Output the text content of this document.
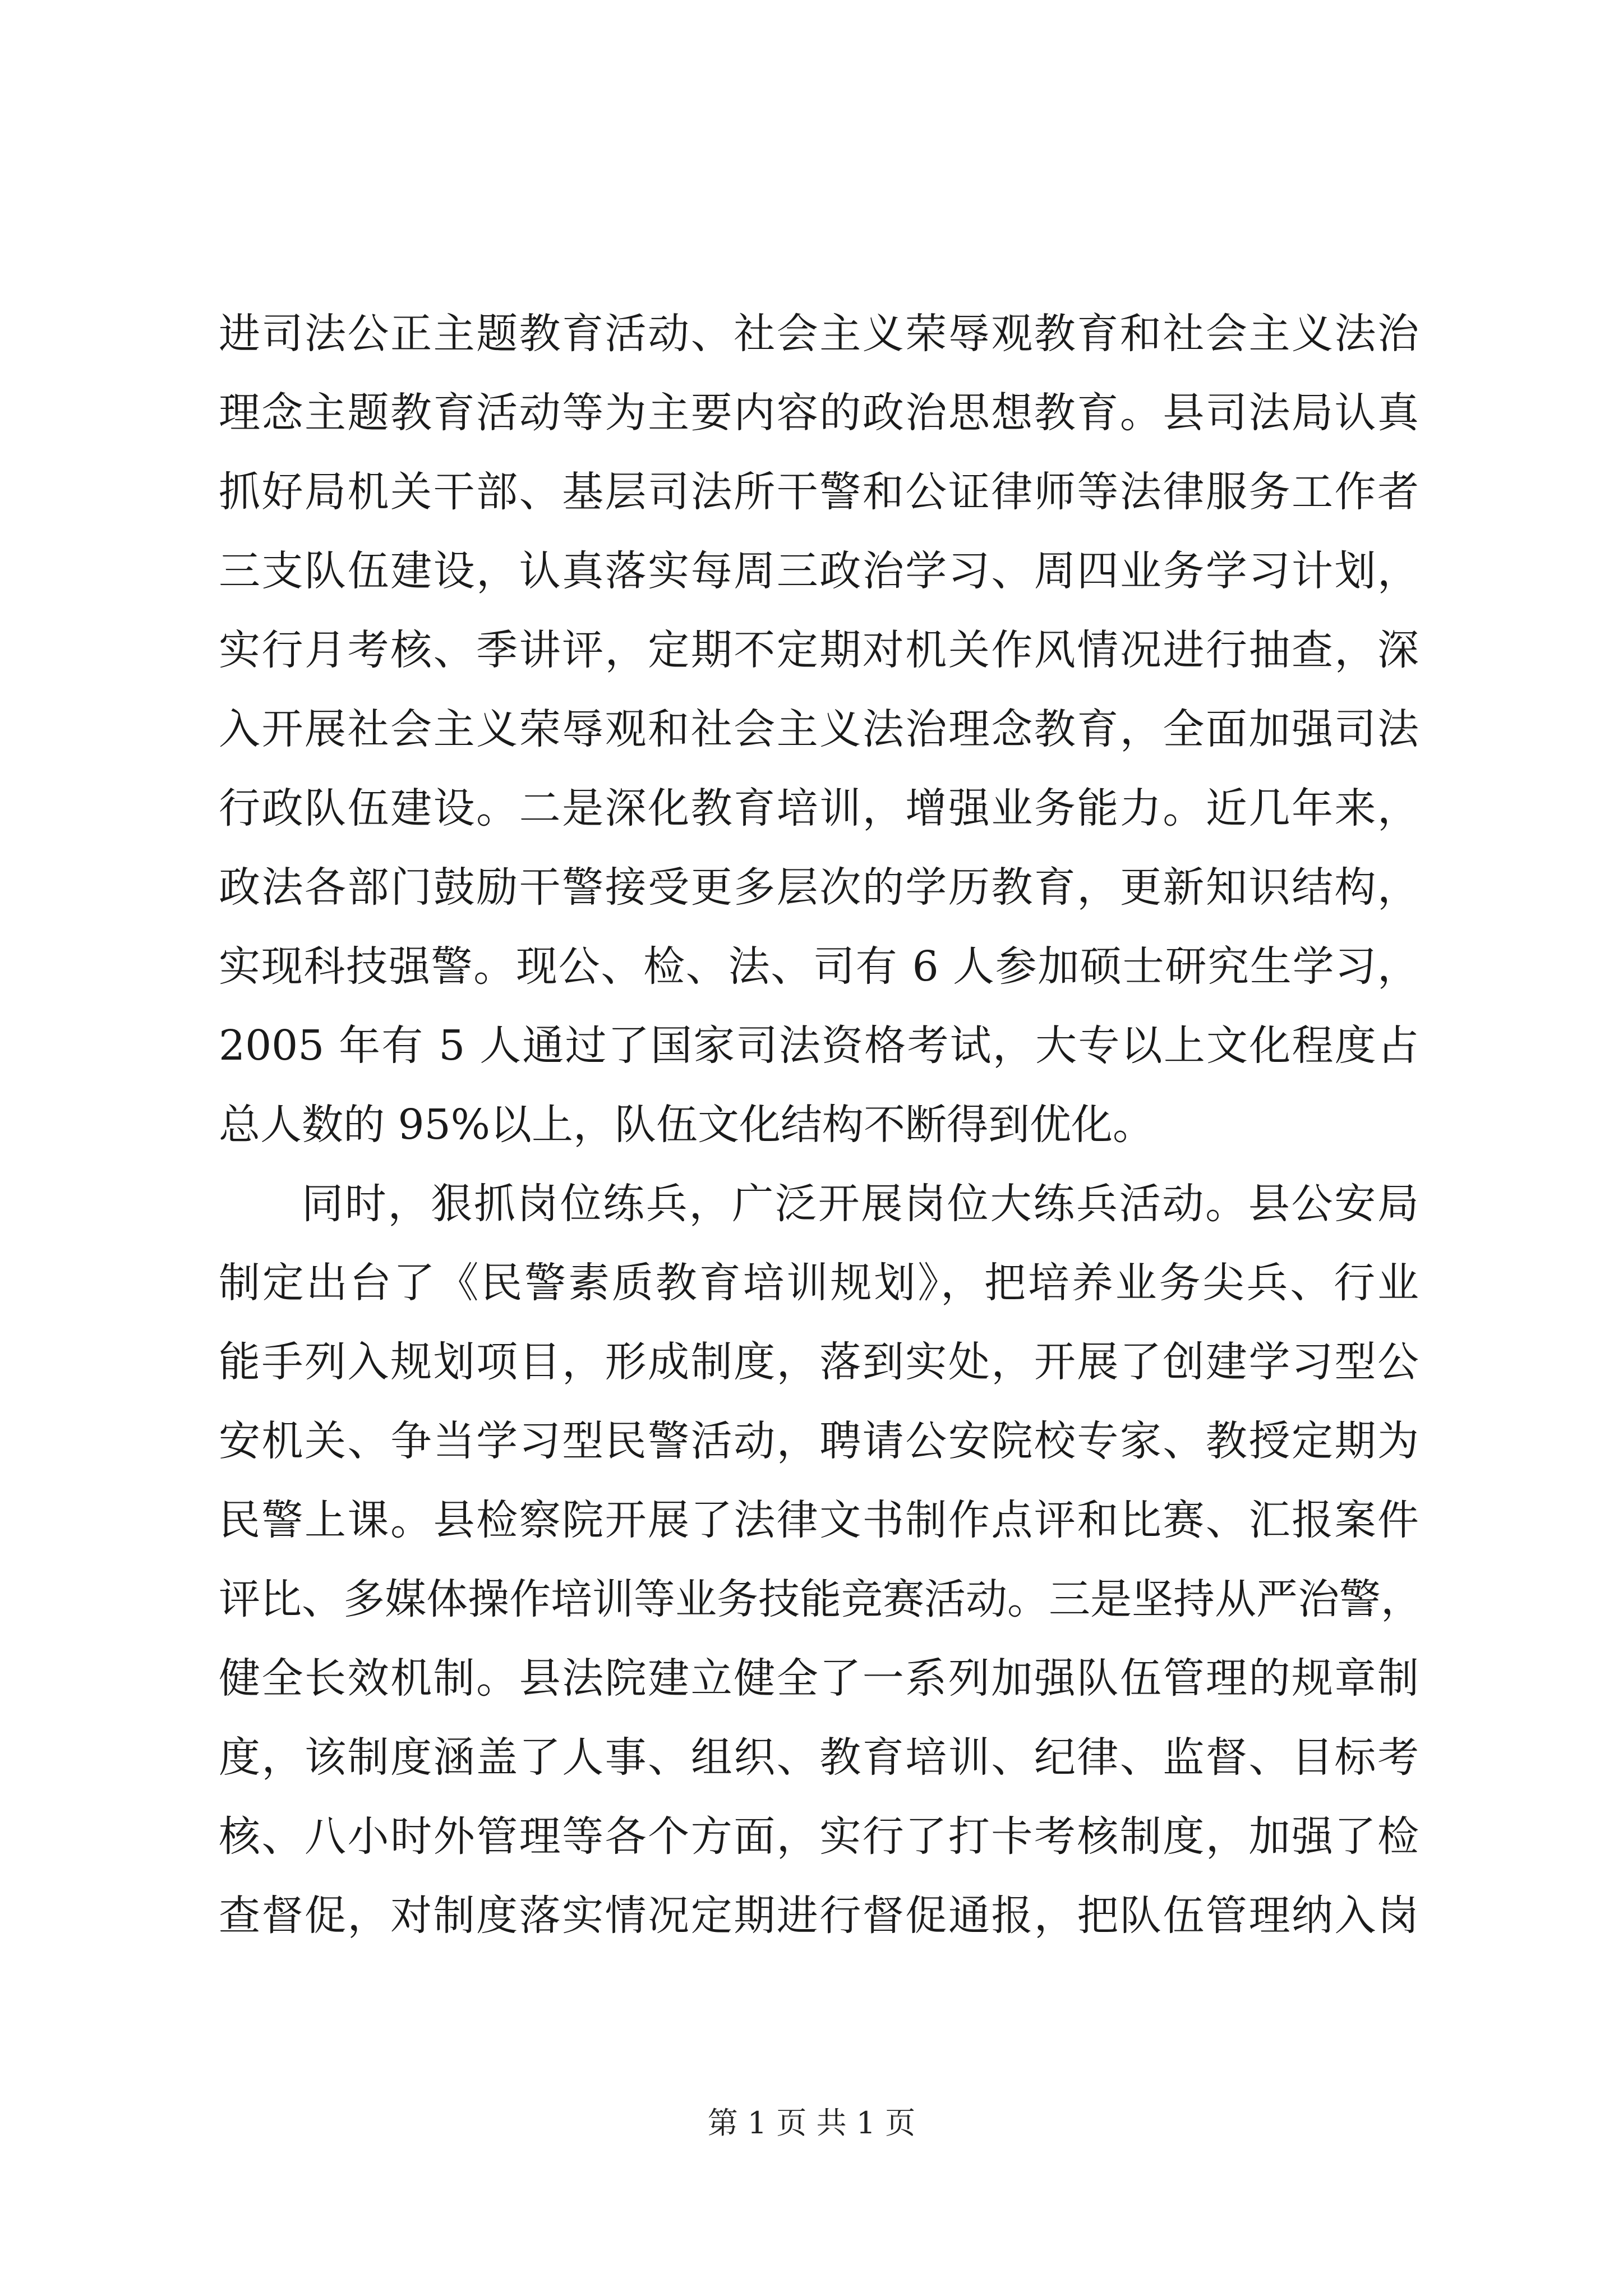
进司法公正主题教育活动、社会主义荣辱观教育和社会主义法治
理念主题教育活动等为主要内容的政治思想教育。县司法局认真
抓好局机关干部、基层司法所干警和公证律师等法律服务工作者
三支队伍建设，认真落实每周三政治学习、周四业务学习计划，
实行月考核、季讲评，定期不定期对机关作风情况进行抽查，深
入开展社会主义荣辱观和社会主义法治理念教育，全面加强司法
行政队伍建设。二是深化教育培训，增强业务能力。近几年来，
政法各部门鼓励干警接受更多层次的学历教育，更新知识结构，
实现科技强警。现公、检、法、司有 6 人参加硕士研究生学习，
2005 年有 5 人通过了国家司法资格考试，大专以上文化程度占
总人数的 95%以上，队伍文化结构不断得到优化。
同时，狠抓岗位练兵，广泛开展岗位大练兵活动。县公安局
制定出台了《民警素质教育培训规划》，把培养业务尖兵、行业
能手列入规划项目，形成制度，落到实处，开展了创建学习型公
安机关、争当学习型民警活动，聘请公安院校专家、教授定期为
民警上课。县检察院开展了法律文书制作点评和比赛、汇报案件
评比、多媒体操作培训等业务技能竞赛活动。三是坚持从严治警，
健全长效机制。县法院建立健全了一系列加强队伍管理的规章制
度，该制度涵盖了人事、组织、教育培训、纪律、监督、目标考
核、八小时外管理等各个方面，实行了打卡考核制度，加强了检
查督促，对制度落实情况定期进行督促通报，把队伍管理纳入岗
第 1 页 共 1 页
